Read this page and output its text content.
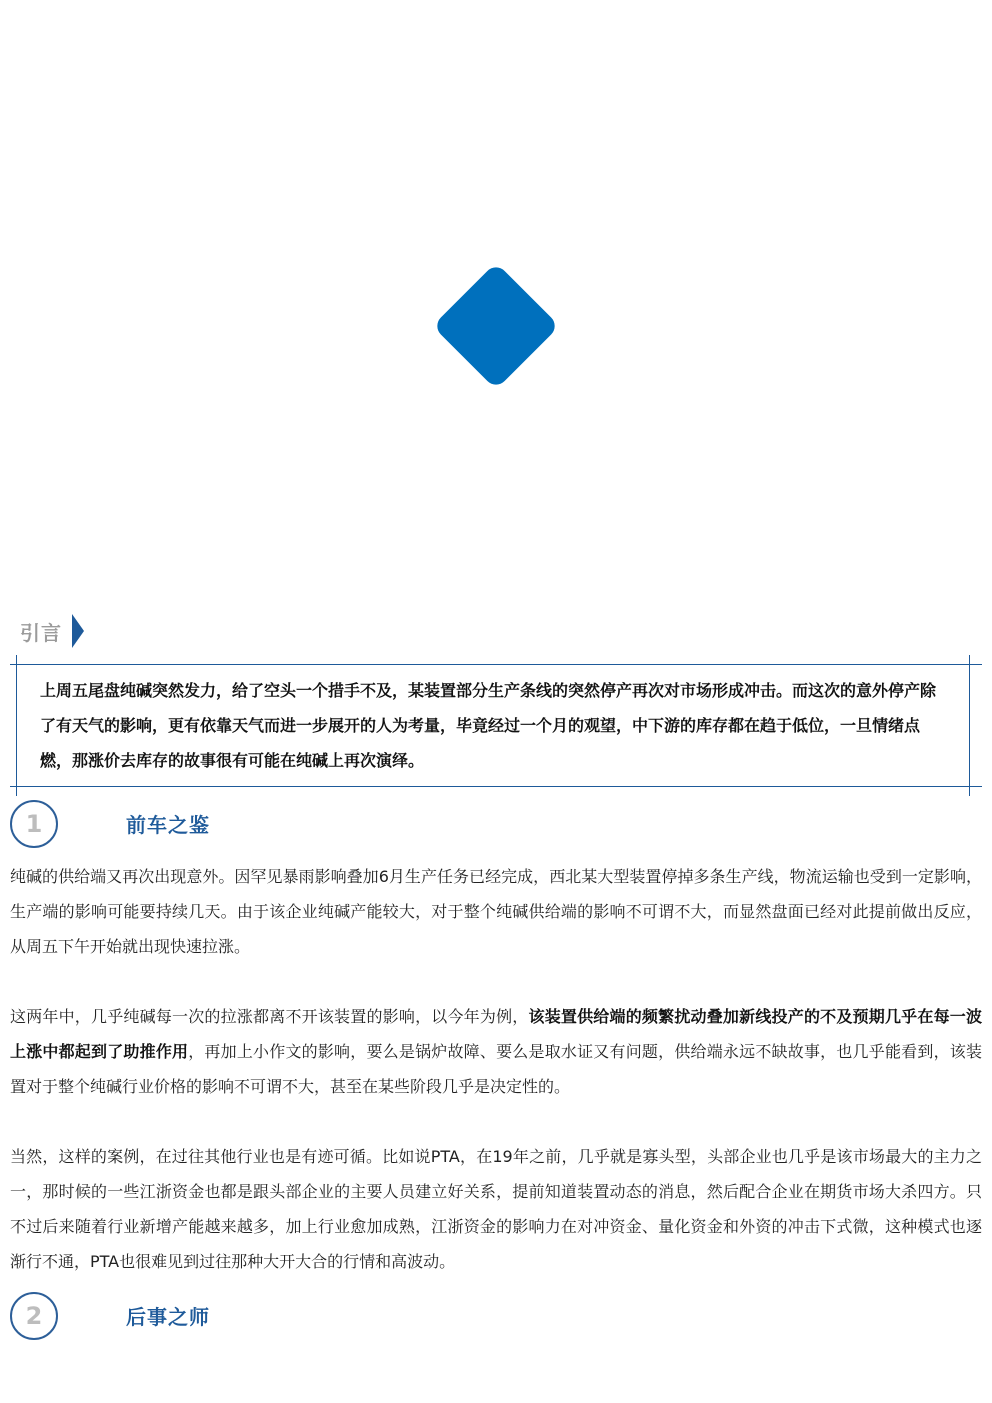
引言

上周五尾盘纯碱突然发力，给了空头一个措手不及，某装置部分生产条线的突然停产再次对市场形成冲击。而这次的意外停产除了有天气的影响，更有依靠天气而进一步展开的人为考量，毕竟经过一个月的观望，中下游的库存都在趋于低位，一旦情绪点燃，那涨价去库存的故事很有可能在纯碱上再次演绎。

1	前车之鉴

纯碱的供给端又再次出现意外。因罕见暴雨影响叠加6月生产任务已经完成，西北某大型装置停掉多条生产线，物流运输也受到一定影响，生产端的影响可能要持续几天。由于该企业纯碱产能较大，对于整个纯碱供给端的影响不可谓不大，而显然盘面已经对此提前做出反应，从周五下午开始就出现快速拉涨。

这两年中，几乎纯碱每一次的拉涨都离不开该装置的影响，以今年为例，该装置供给端的频繁扰动叠加新线投产的不及预期几乎在每一波上涨中都起到了助推作用，再加上小作文的影响，要么是锅炉故障、要么是取水证又有问题，供给端永远不缺故事，也几乎能看到，该装置对于整个纯碱行业价格的影响不可谓不大，甚至在某些阶段几乎是决定性的。

当然，这样的案例，在过往其他行业也是有迹可循。比如说PTA，在19年之前，几乎就是寡头型，头部企业也几乎是该市场最大的主力之一，那时候的一些江浙资金也都是跟头部企业的主要人员建立好关系，提前知道装置动态的消息，然后配合企业在期货市场大杀四方。只不过后来随着行业新增产能越来越多，加上行业愈加成熟，江浙资金的影响力在对冲资金、量化资金和外资的冲击下式微，这种模式也逐渐行不通，PTA也很难见到过往那种大开大合的行情和高波动。

2	后事之师
